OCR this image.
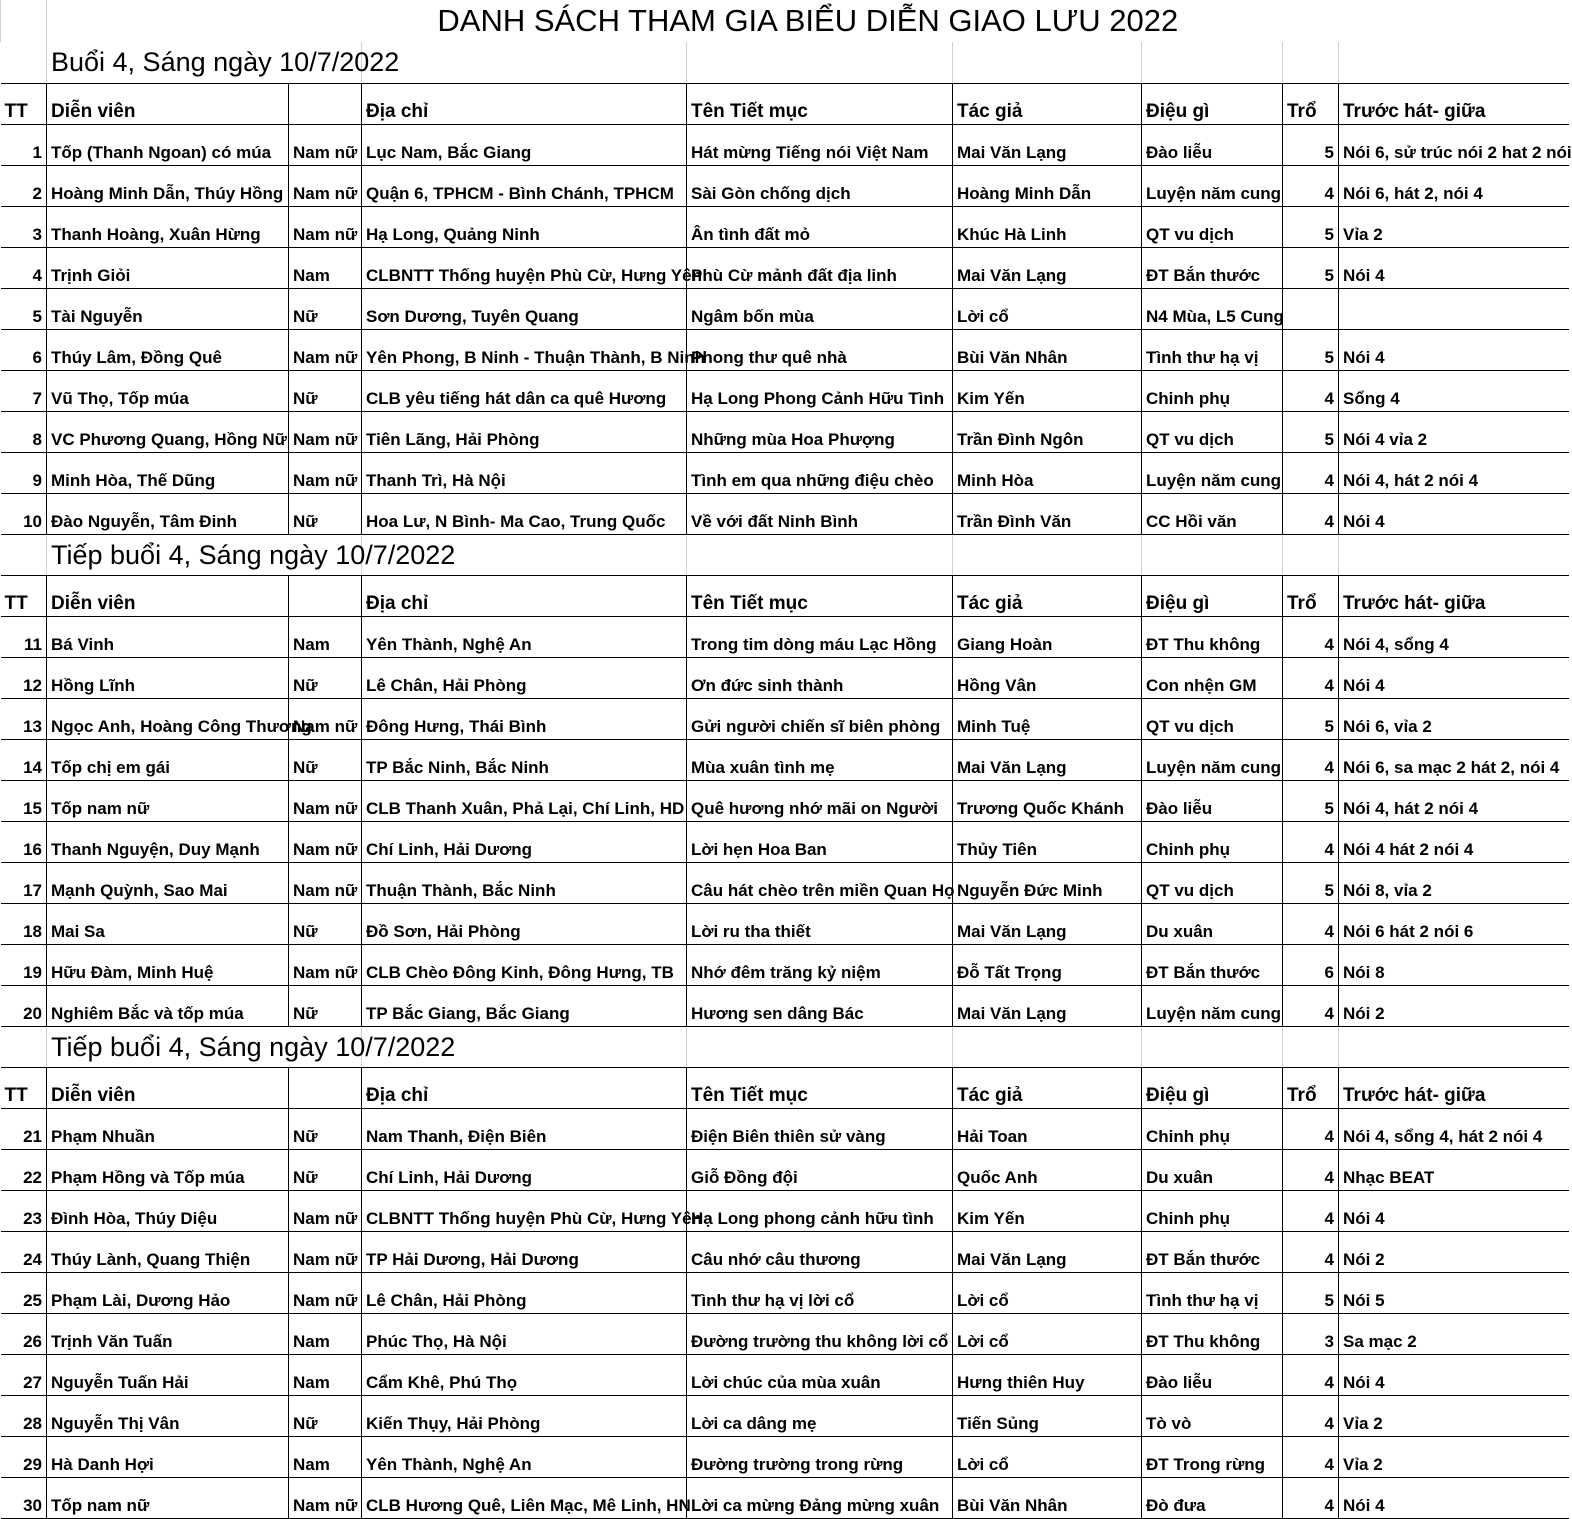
	DANH SÁCH THAM GIA BIỂU DIỄN GIAO LƯU 2022							
	Buổi 4, Sáng ngày 10/7/2022							
TT	Diễn viên		Địa chỉ	Tên Tiết mục	Tác giả	Điệu gì	Trổ	Trước hát- giữa
1	Tốp (Thanh Ngoan) có múa	Nam nữ	Lục Nam, Bắc Giang	Hát mừng Tiếng nói Việt Nam	Mai Văn Lạng	Đào liễu	5	Nói 6, sử trúc nói 2 hat 2 nói
2	Hoàng Minh Dẫn, Thúy Hồng	Nam nữ	Quận 6, TPHCM - Bình Chánh, TPHCM	Sài Gòn chống dịch	Hoàng Minh Dẫn	Luyện năm cung	4	Nói 6, hát 2, nói 4
3	Thanh Hoàng, Xuân Hừng	Nam nữ	Hạ Long, Quảng Ninh	Ân tình đất mỏ	Khúc Hà Linh	QT vu dịch	5	Vỉa 2
4	Trịnh Giỏi	Nam	CLBNTT Thống huyện Phù Cừ, Hưng Yên	Phù Cừ mảnh đất địa linh	Mai Văn Lạng	ĐT Bắn thước	5	Nói 4
5	Tài Nguyễn	Nữ	Sơn Dương, Tuyên Quang	Ngâm bốn mùa	Lời cổ	N4 Mùa, L5 Cung		
6	Thúy Lâm, Đồng Quê	Nam nữ	Yên Phong, B Ninh - Thuận Thành, B Ninh	Phong thư quê nhà	Bùi Văn Nhân	Tình thư hạ vị	5	Nói 4
7	Vũ Thọ, Tốp múa	Nữ	CLB yêu tiếng hát dân ca quê Hương	Hạ Long Phong Cảnh Hữu Tình	Kim Yến	Chinh phụ	4	Sổng 4
8	VC Phương Quang, Hồng Nữ	Nam nữ	Tiên Lãng, Hải Phòng	Những mùa Hoa Phượng	Trần Đình Ngôn	QT vu dịch	5	Nói 4 vỉa 2
9	Minh Hòa, Thế Dũng	Nam nữ	Thanh Trì, Hà Nội	Tình em qua những điệu chèo	Minh Hòa	Luyện năm cung	4	Nói 4, hát 2 nói 4
10	Đào Nguyễn, Tâm Đinh	Nữ	Hoa Lư, N Bình- Ma Cao, Trung Quốc	Về với đất Ninh Bình	Trần Đình Văn	CC Hồi văn	4	Nói 4
	Tiếp buổi 4, Sáng ngày 10/7/2022							
TT	Diễn viên		Địa chỉ	Tên Tiết mục	Tác giả	Điệu gì	Trổ	Trước hát- giữa
11	Bá Vinh	Nam	Yên Thành, Nghệ An	Trong tim dòng máu Lạc Hồng	Giang Hoàn	ĐT Thu không	4	Nói 4, sổng 4
12	Hồng Lĩnh	Nữ	Lê Chân, Hải Phòng	Ơn đức sinh thành	Hồng Vân	Con nhện GM	4	Nói 4
13	Ngọc Anh, Hoàng Công Thương	Nam nữ	Đông Hưng, Thái Bình	Gửi người chiến sĩ biên phòng	Minh Tuệ	QT vu dịch	5	Nói 6, vỉa 2
14	Tốp chị em gái	Nữ	TP Bắc Ninh, Bắc Ninh	Mùa xuân tình mẹ	Mai Văn Lạng	Luyện năm cung	4	Nói 6, sa mạc 2 hát 2, nói 4
15	Tốp nam nữ	Nam nữ	CLB Thanh Xuân, Phả Lại, Chí Linh, HD	Quê hương nhớ mãi on Người	Trương Quốc Khánh	Đào liễu	5	Nói 4, hát 2 nói 4
16	Thanh Nguyện, Duy Mạnh	Nam nữ	Chí Linh, Hải Dương	Lời hẹn Hoa Ban	Thủy Tiên	Chinh phụ	4	Nói 4 hát 2 nói 4
17	Mạnh Quỳnh, Sao Mai	Nam nữ	Thuận Thành, Bắc Ninh	Câu hát chèo trên miền Quan Họ	Nguyễn Đức Minh	QT vu dịch	5	Nói 8, vỉa 2
18	Mai Sa	Nữ	Đồ Sơn, Hải Phòng	Lời ru tha thiết	Mai Văn Lạng	Du xuân	4	Nói 6 hát 2 nói 6
19	Hữu Đàm, Minh Huệ	Nam nữ	CLB Chèo Đông Kinh, Đông Hưng, TB	Nhớ đêm trăng kỷ niệm	Đỗ Tất Trọng	ĐT Bắn thước	6	Nói 8
20	Nghiêm Bắc và tốp múa	Nữ	TP Bắc Giang, Bắc Giang	Hương sen dâng Bác	Mai Văn Lạng	Luyện năm cung	4	Nói 2
	Tiếp buổi 4, Sáng ngày 10/7/2022							
TT	Diễn viên		Địa chỉ	Tên Tiết mục	Tác giả	Điệu gì	Trổ	Trước hát- giữa
21	Phạm Nhuần	Nữ	Nam Thanh, Điện Biên	Điện Biên thiên sử vàng	Hải Toan	Chinh phụ	4	Nói 4, sổng 4, hát 2 nói 4
22	Phạm Hồng và Tốp múa	Nữ	Chí Linh, Hải Dương	Giỗ Đồng đội	Quốc Anh	Du xuân	4	Nhạc BEAT
23	Đình Hòa, Thúy Diệu	Nam nữ	CLBNTT Thống huyện Phù Cừ, Hưng Yên	Hạ Long phong cảnh hữu tình	Kim Yến	Chinh phụ	4	Nói 4
24	Thúy Lành, Quang Thiện	Nam nữ	TP Hải Dương, Hải Dương	Câu nhớ câu thương	Mai Văn Lạng	ĐT Bắn thước	4	Nói 2
25	Phạm Lài, Dương Hảo	Nam nữ	Lê Chân, Hải Phòng	Tình thư hạ vị lời cổ	Lời cổ	Tình thư hạ vị	5	Nói 5
26	Trịnh Văn Tuấn	Nam	Phúc Thọ, Hà Nội	Đường trường thu không lời cổ	Lời cổ	ĐT Thu không	3	Sa mạc 2
27	Nguyễn Tuấn Hải	Nam	Cẩm Khê, Phú Thọ	Lời chúc của mùa xuân	Hưng thiên Huy	Đào liễu	4	Nói 4
28	Nguyễn Thị Vân	Nữ	Kiến Thụy, Hải Phòng	Lời ca dâng mẹ	Tiến Sủng	Tò vò	4	Vỉa 2
29	Hà Danh Hợi	Nam	Yên Thành, Nghệ An	Đường trường trong rừng	Lời cổ	ĐT Trong rừng	4	Vỉa 2
30	Tốp nam nữ	Nam nữ	CLB Hương Quê, Liên Mạc, Mê Linh, HN	Lời ca mừng Đảng mừng xuân	Bùi Văn Nhân	Đò đưa	4	Nói 4
